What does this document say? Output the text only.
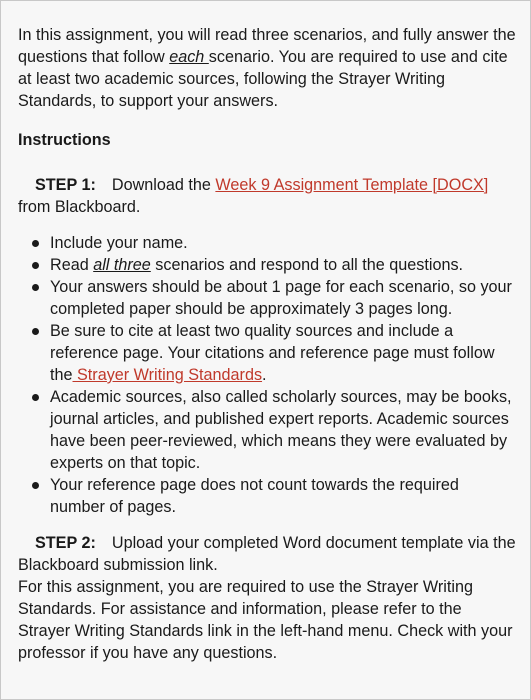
In this assignment, you will read three scenarios, and fully answer the questions that follow each scenario. You are required to use and cite at least two academic sources, following the Strayer Writing Standards, to support your answers.

Instructions

STEP 1: Download the Week 9 Assignment Template [DOCX] from Blackboard.

Include your name.
Read all three scenarios and respond to all the questions.
Your answers should be about 1 page for each scenario, so your completed paper should be approximately 3 pages long.
Be sure to cite at least two quality sources and include a reference page. Your citations and reference page must follow the Strayer Writing Standards.
Academic sources, also called scholarly sources, may be books, journal articles, and published expert reports. Academic sources have been peer-reviewed, which means they were evaluated by experts on that topic.
Your reference page does not count towards the required number of pages.

STEP 2: Upload your completed Word document template via the Blackboard submission link.

For this assignment, you are required to use the Strayer Writing Standards. For assistance and information, please refer to the Strayer Writing Standards link in the left-hand menu. Check with your professor if you have any questions.
